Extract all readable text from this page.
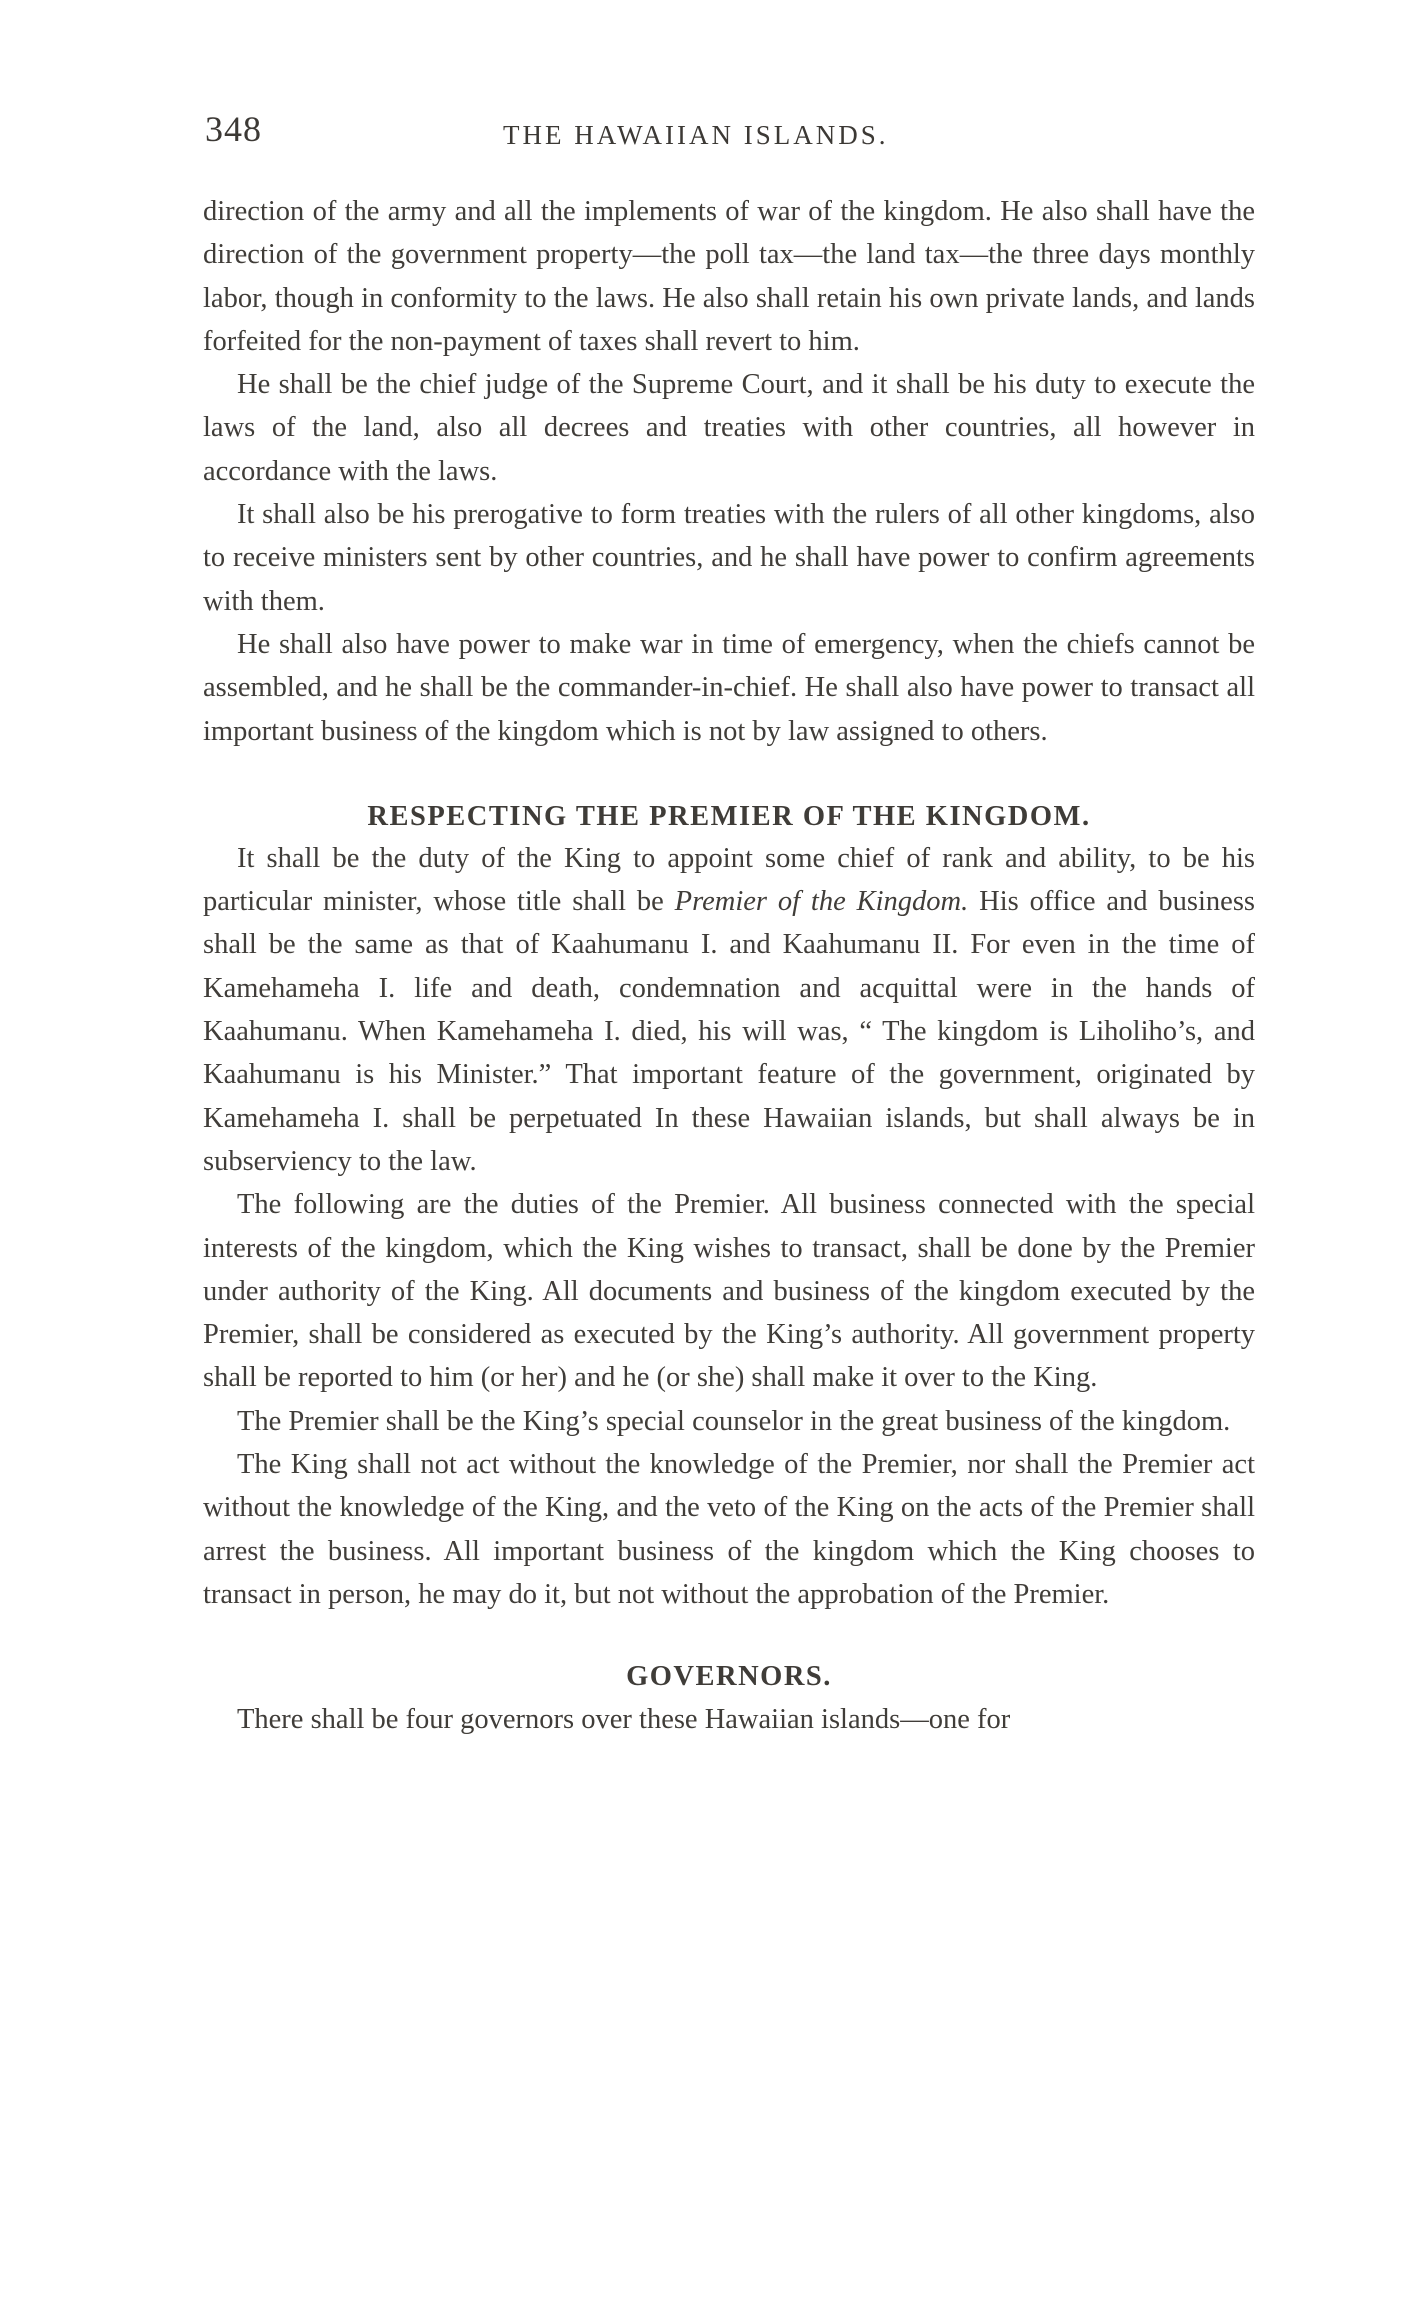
348	THE HAWAIIAN ISLANDS.

direction of the army and all the implements of war of the kingdom. He also shall have the direction of the government property—the poll tax—the land tax—the three days monthly labor, though in conformity to the laws. He also shall retain his own private lands, and lands forfeited for the non-payment of taxes shall revert to him.

He shall be the chief judge of the Supreme Court, and it shall be his duty to execute the laws of the land, also all decrees and treaties with other countries, all however in accordance with the laws.

It shall also be his prerogative to form treaties with the rulers of all other kingdoms, also to receive ministers sent by other countries, and he shall have power to confirm agreements with them.

He shall also have power to make war in time of emergency, when the chiefs cannot be assembled, and he shall be the commander-in-chief. He shall also have power to transact all important business of the kingdom which is not by law assigned to others.

RESPECTING THE PREMIER OF THE KINGDOM.

It shall be the duty of the King to appoint some chief of rank and ability, to be his particular minister, whose title shall be Premier of the Kingdom. His office and business shall be the same as that of Kaahumanu I. and Kaahumanu II. For even in the time of Kamehameha I. life and death, condemnation and acquittal were in the hands of Kaahumanu. When Kamehameha I. died, his will was, “ The kingdom is Liholiho’s, and Kaahumanu is his Minister.” That important feature of the government, originated by Kamehameha I. shall be perpetuated In these Hawaiian islands, but shall always be in subserviency to the law.

The following are the duties of the Premier. All business connected with the special interests of the kingdom, which the King wishes to transact, shall be done by the Premier under authority of the King. All documents and business of the kingdom executed by the Premier, shall be considered as executed by the King’s authority. All government property shall be reported to him (or her) and he (or she) shall make it over to the King.

The Premier shall be the King’s special counselor in the great business of the kingdom.

The King shall not act without the knowledge of the Premier, nor shall the Premier act without the knowledge of the King, and the veto of the King on the acts of the Premier shall arrest the business. All important business of the kingdom which the King chooses to transact in person, he may do it, but not without the approbation of the Premier.

GOVERNORS.

There shall be four governors over these Hawaiian islands—one for
